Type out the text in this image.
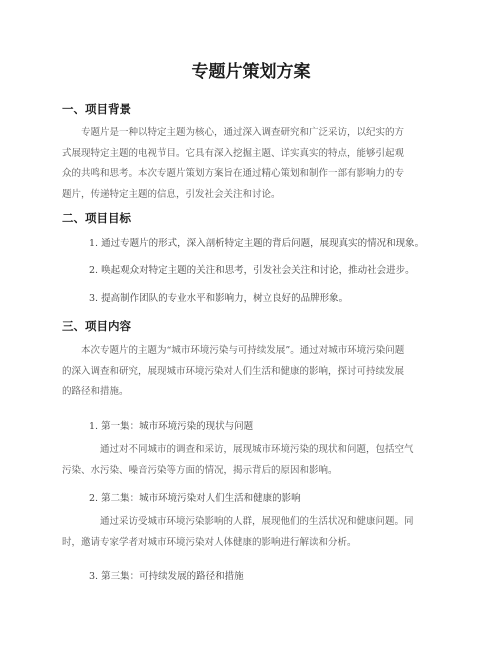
专题片策划方案
一、项目背景

专题片是一种以特定主题为核心，通过深入调查研究和广泛采访，以纪实的方
式展现特定主题的电视节目。它具有深入挖掘主题、详实真实的特点，能够引起观
众的共鸣和思考。本次专题片策划方案旨在通过精心策划和制作一部有影响力的专
题片，传递特定主题的信息，引发社会关注和讨论。

二、项目目标

1. 通过专题片的形式，深入剖析特定主题的背后问题，展现真实的情况和现象。

2. 唤起观众对特定主题的关注和思考，引发社会关注和讨论，推动社会进步。

3. 提高制作团队的专业水平和影响力，树立良好的品牌形象。

三、项目内容

本次专题片的主题为“城市环境污染与可持续发展”。通过对城市环境污染问题
的深入调查和研究，展现城市环境污染对人们生活和健康的影响，探讨可持续发展
的路径和措施。

1. 第一集：城市环境污染的现状与问题

通过对不同城市的调查和采访，展现城市环境污染的现状和问题，包括空气
污染、水污染、噪音污染等方面的情况，揭示背后的原因和影响。

2. 第二集：城市环境污染对人们生活和健康的影响

通过采访受城市环境污染影响的人群，展现他们的生活状况和健康问题。同
时，邀请专家学者对城市环境污染对人体健康的影响进行解读和分析。

3. 第三集：可持续发展的路径和措施
